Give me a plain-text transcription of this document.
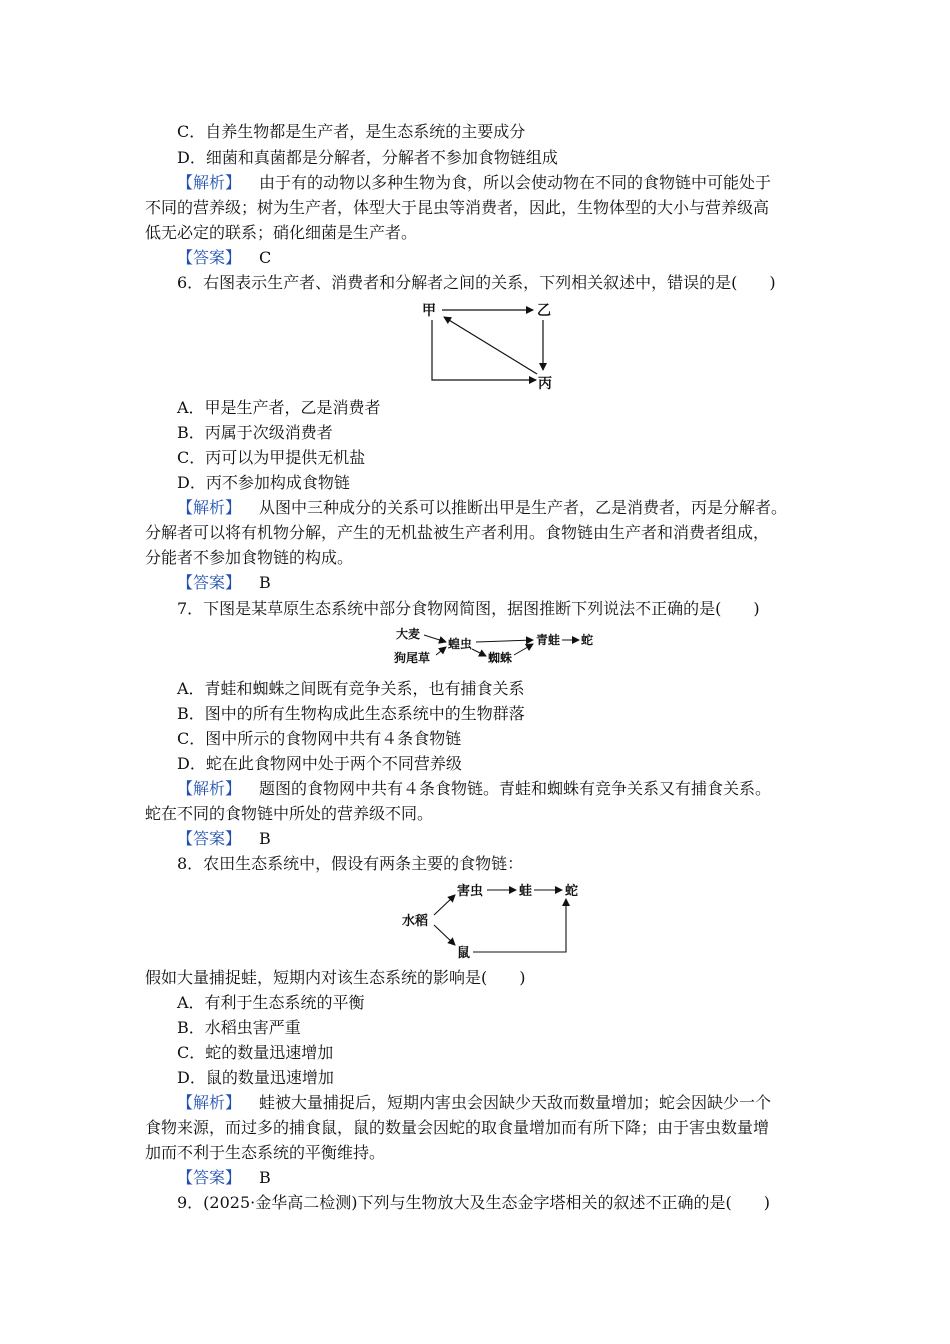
C．自养生物都是生产者，是生态系统的主要成分
D．细菌和真菌都是分解者，分解者不参加食物链组成
【解析】 由于有的动物以多种生物为食，所以会使动物在不同的食物链中可能处于
不同的营养级；树为生产者，体型大于昆虫等消费者，因此，生物体型的大小与营养级高
低无必定的联系；硝化细菌是生产者。
【答案】 C
6．右图表示生产者、消费者和分解者之间的关系，下列相关叙述中，错误的是(　　)
甲	乙
丙
A．甲是生产者，乙是消费者
B．丙属于次级消费者
C．丙可以为甲提供无机盐
D．丙不参加构成食物链
【解析】 从图中三种成分的关系可以推断出甲是生产者，乙是消费者，丙是分解者。
分解者可以将有机物分解，产生的无机盐被生产者利用。食物链由生产者和消费者组成，
分能者不参加食物链的构成。
【答案】 B
7．下图是某草原生态系统中部分食物网简图，据图推断下列说法不正确的是(　　)
大麦
狗尾草
蝗虫
蜘蛛
青蛙 蛇
A．青蛙和蜘蛛之间既有竞争关系，也有捕食关系
B．图中的所有生物构成此生态系统中的生物群落
C．图中所示的食物网中共有４条食物链
D．蛇在此食物网中处于两个不同营养级
【解析】 题图的食物网中共有４条食物链。青蛙和蜘蛛有竞争关系又有捕食关系。
蛇在不同的食物链中所处的营养级不同。
【答案】 B
8．农田生态系统中，假设有两条主要的食物链：
水稻
害虫	蛙	蛇
鼠
假如大量捕捉蛙，短期内对该生态系统的影响是(　　)
A．有利于生态系统的平衡
B．水稻虫害严重
C．蛇的数量迅速增加
D．鼠的数量迅速增加
【解析】 蛙被大量捕捉后，短期内害虫会因缺少天敌而数量增加；蛇会因缺少一个
食物来源，而过多的捕食鼠，鼠的数量会因蛇的取食量增加而有所下降；由于害虫数量增
加而不利于生态系统的平衡维持。
【答案】 B
9．(2025·金华高二检测)下列与生物放大及生态金字塔相关的叙述不正确的是(　　)
